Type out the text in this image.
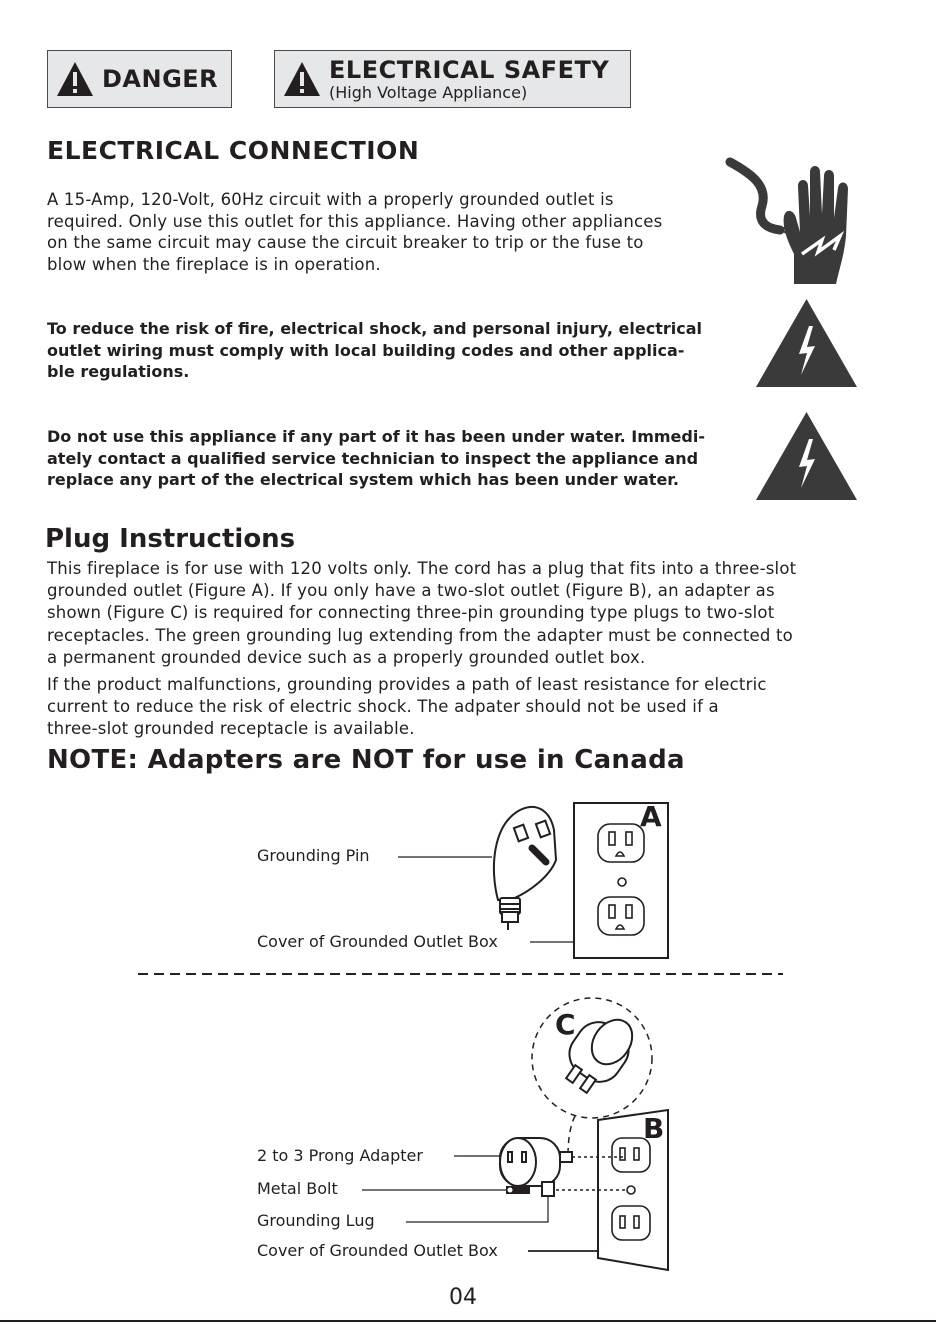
DANGER	ELECTRICAL SAFETY
(High Voltage Appliance)
ELECTRICAL CONNECTION

A 15-Amp, 120-Volt, 60Hz circuit with a properly grounded outlet is
required. Only use this outlet for this appliance. Having other appliances
on the same circuit may cause the circuit breaker to trip or the fuse to
blow when the fireplace is in operation.

To reduce the risk of fire, electrical shock, and personal injury, electrical
outlet wiring must comply with local building codes and other applica-
ble regulations.

Do not use this appliance if any part of it has been under water. Immedi-
ately contact a qualified service technician to inspect the appliance and
replace any part of the electrical system which has been under water.

Plug Instructions

This fireplace is for use with 120 volts only. The cord has a plug that fits into a three-slot
grounded outlet (Figure A). If you only have a two-slot outlet (Figure B), an adapter as
shown (Figure C) is required for connecting three-pin grounding type plugs to two-slot
receptacles. The green grounding lug extending from the adapter must be connected to
a permanent grounded device such as a properly grounded outlet box.

If the product malfunctions, grounding provides a path of least resistance for electric
current to reduce the risk of electric shock. The adpater should not be used if a
three-slot grounded receptacle is available.

NOTE: Adapters are NOT for use in Canada
Grounding Pin
Cover of Grounded Outlet Box
A
C
B
2 to 3 Prong Adapter
Metal Bolt
Grounding Lug
Cover of Grounded Outlet Box
04
